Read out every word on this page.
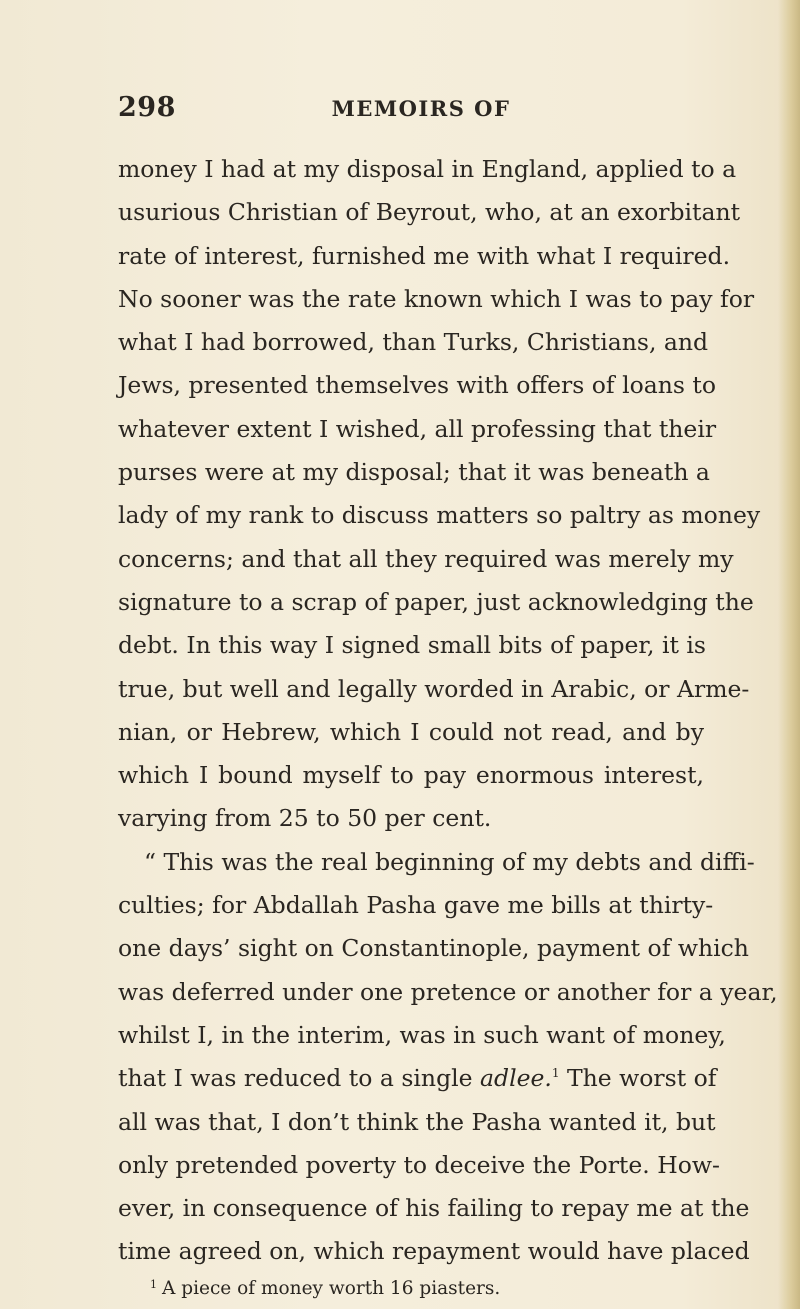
298	MEMOIRS OF
money I had at my disposal in England, applied to a
usurious Christian of Beyrout, who, at an exorbitant
rate of interest, furnished me with what I required.
No sooner was the rate known which I was to pay for
what I had borrowed, than Turks, Christians, and
Jews, presented themselves with offers of loans to
whatever extent I wished, all professing that their
purses were at my disposal; that it was beneath a
lady of my rank to discuss matters so paltry as money
concerns; and that all they required was merely my
signature to a scrap of paper, just acknowledging the
debt. In this way I signed small bits of paper, it is
true, but well and legally worded in Arabic, or Arme-
nian, or Hebrew, which I could not read, and by
which I bound myself to pay enormous interest,
varying from 25 to 50 per cent.
“ This was the real beginning of my debts and diffi-
culties; for Abdallah Pasha gave me bills at thirty-
one days’ sight on Constantinople, payment of which
was deferred under one pretence or another for a year,
whilst I, in the interim, was in such want of money,
that I was reduced to a single adlee.$^1$ The worst of
all was that, I don’t think the Pasha wanted it, but
only pretended poverty to deceive the Porte. How-
ever, in consequence of his failing to repay me at the
time agreed on, which repayment would have placed
$^1$ A piece of money worth 16 piasters.
